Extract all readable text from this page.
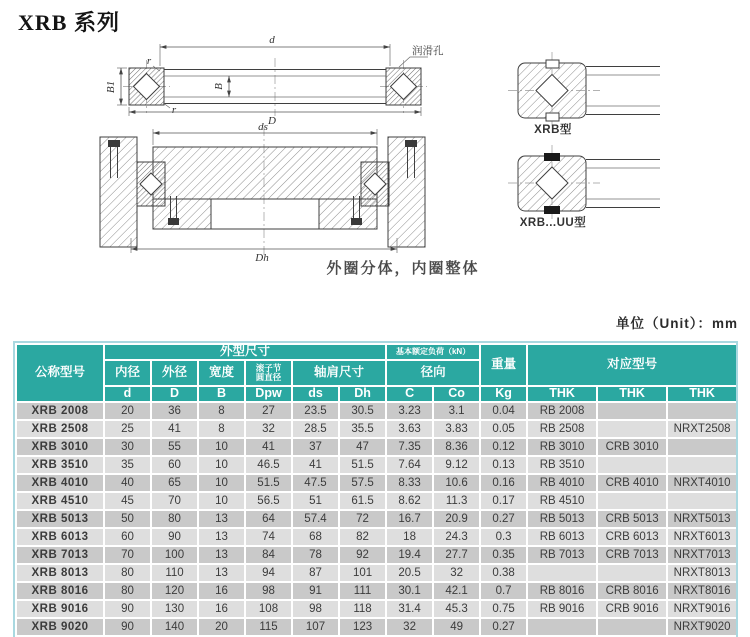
XRB 系列
d
D
B
B1
r
r
润滑孔
ds
Dh
XRB型
XRB...UU型
外圈分体，内圈整体
单位（Unit）：mm
公称型号	外型尺寸						基本额定负荷（kN）		重量	对应型号		
	内径	外径	宽度	滚子节
圆直径	轴肩尺寸		径向					
	d	D	B	Dpw	ds	Dh	C	Co	Kg	THK	THK	THK
XRB 2008	20	36	8	27	23.5	30.5	3.23	3.1	0.04	RB 2008		
XRB 2508	25	41	8	32	28.5	35.5	3.63	3.83	0.05	RB 2508		NRXT2508
XRB 3010	30	55	10	41	37	47	7.35	8.36	0.12	RB 3010	CRB 3010	
XRB 3510	35	60	10	46.5	41	51.5	7.64	9.12	0.13	RB 3510		
XRB 4010	40	65	10	51.5	47.5	57.5	8.33	10.6	0.16	RB 4010	CRB 4010	NRXT4010
XRB 4510	45	70	10	56.5	51	61.5	8.62	11.3	0.17	RB 4510		
XRB 5013	50	80	13	64	57.4	72	16.7	20.9	0.27	RB 5013	CRB 5013	NRXT5013
XRB 6013	60	90	13	74	68	82	18	24.3	0.3	RB 6013	CRB 6013	NRXT6013
XRB 7013	70	100	13	84	78	92	19.4	27.7	0.35	RB 7013	CRB 7013	NRXT7013
XRB 8013	80	110	13	94	87	101	20.5	32	0.38			NRXT8013
XRB 8016	80	120	16	98	91	111	30.1	42.1	0.7	RB 8016	CRB 8016	NRXT8016
XRB 9016	90	130	16	108	98	118	31.4	45.3	0.75	RB 9016	CRB 9016	NRXT9016
XRB 9020	90	140	20	115	107	123	32	49	0.27			NRXT9020
